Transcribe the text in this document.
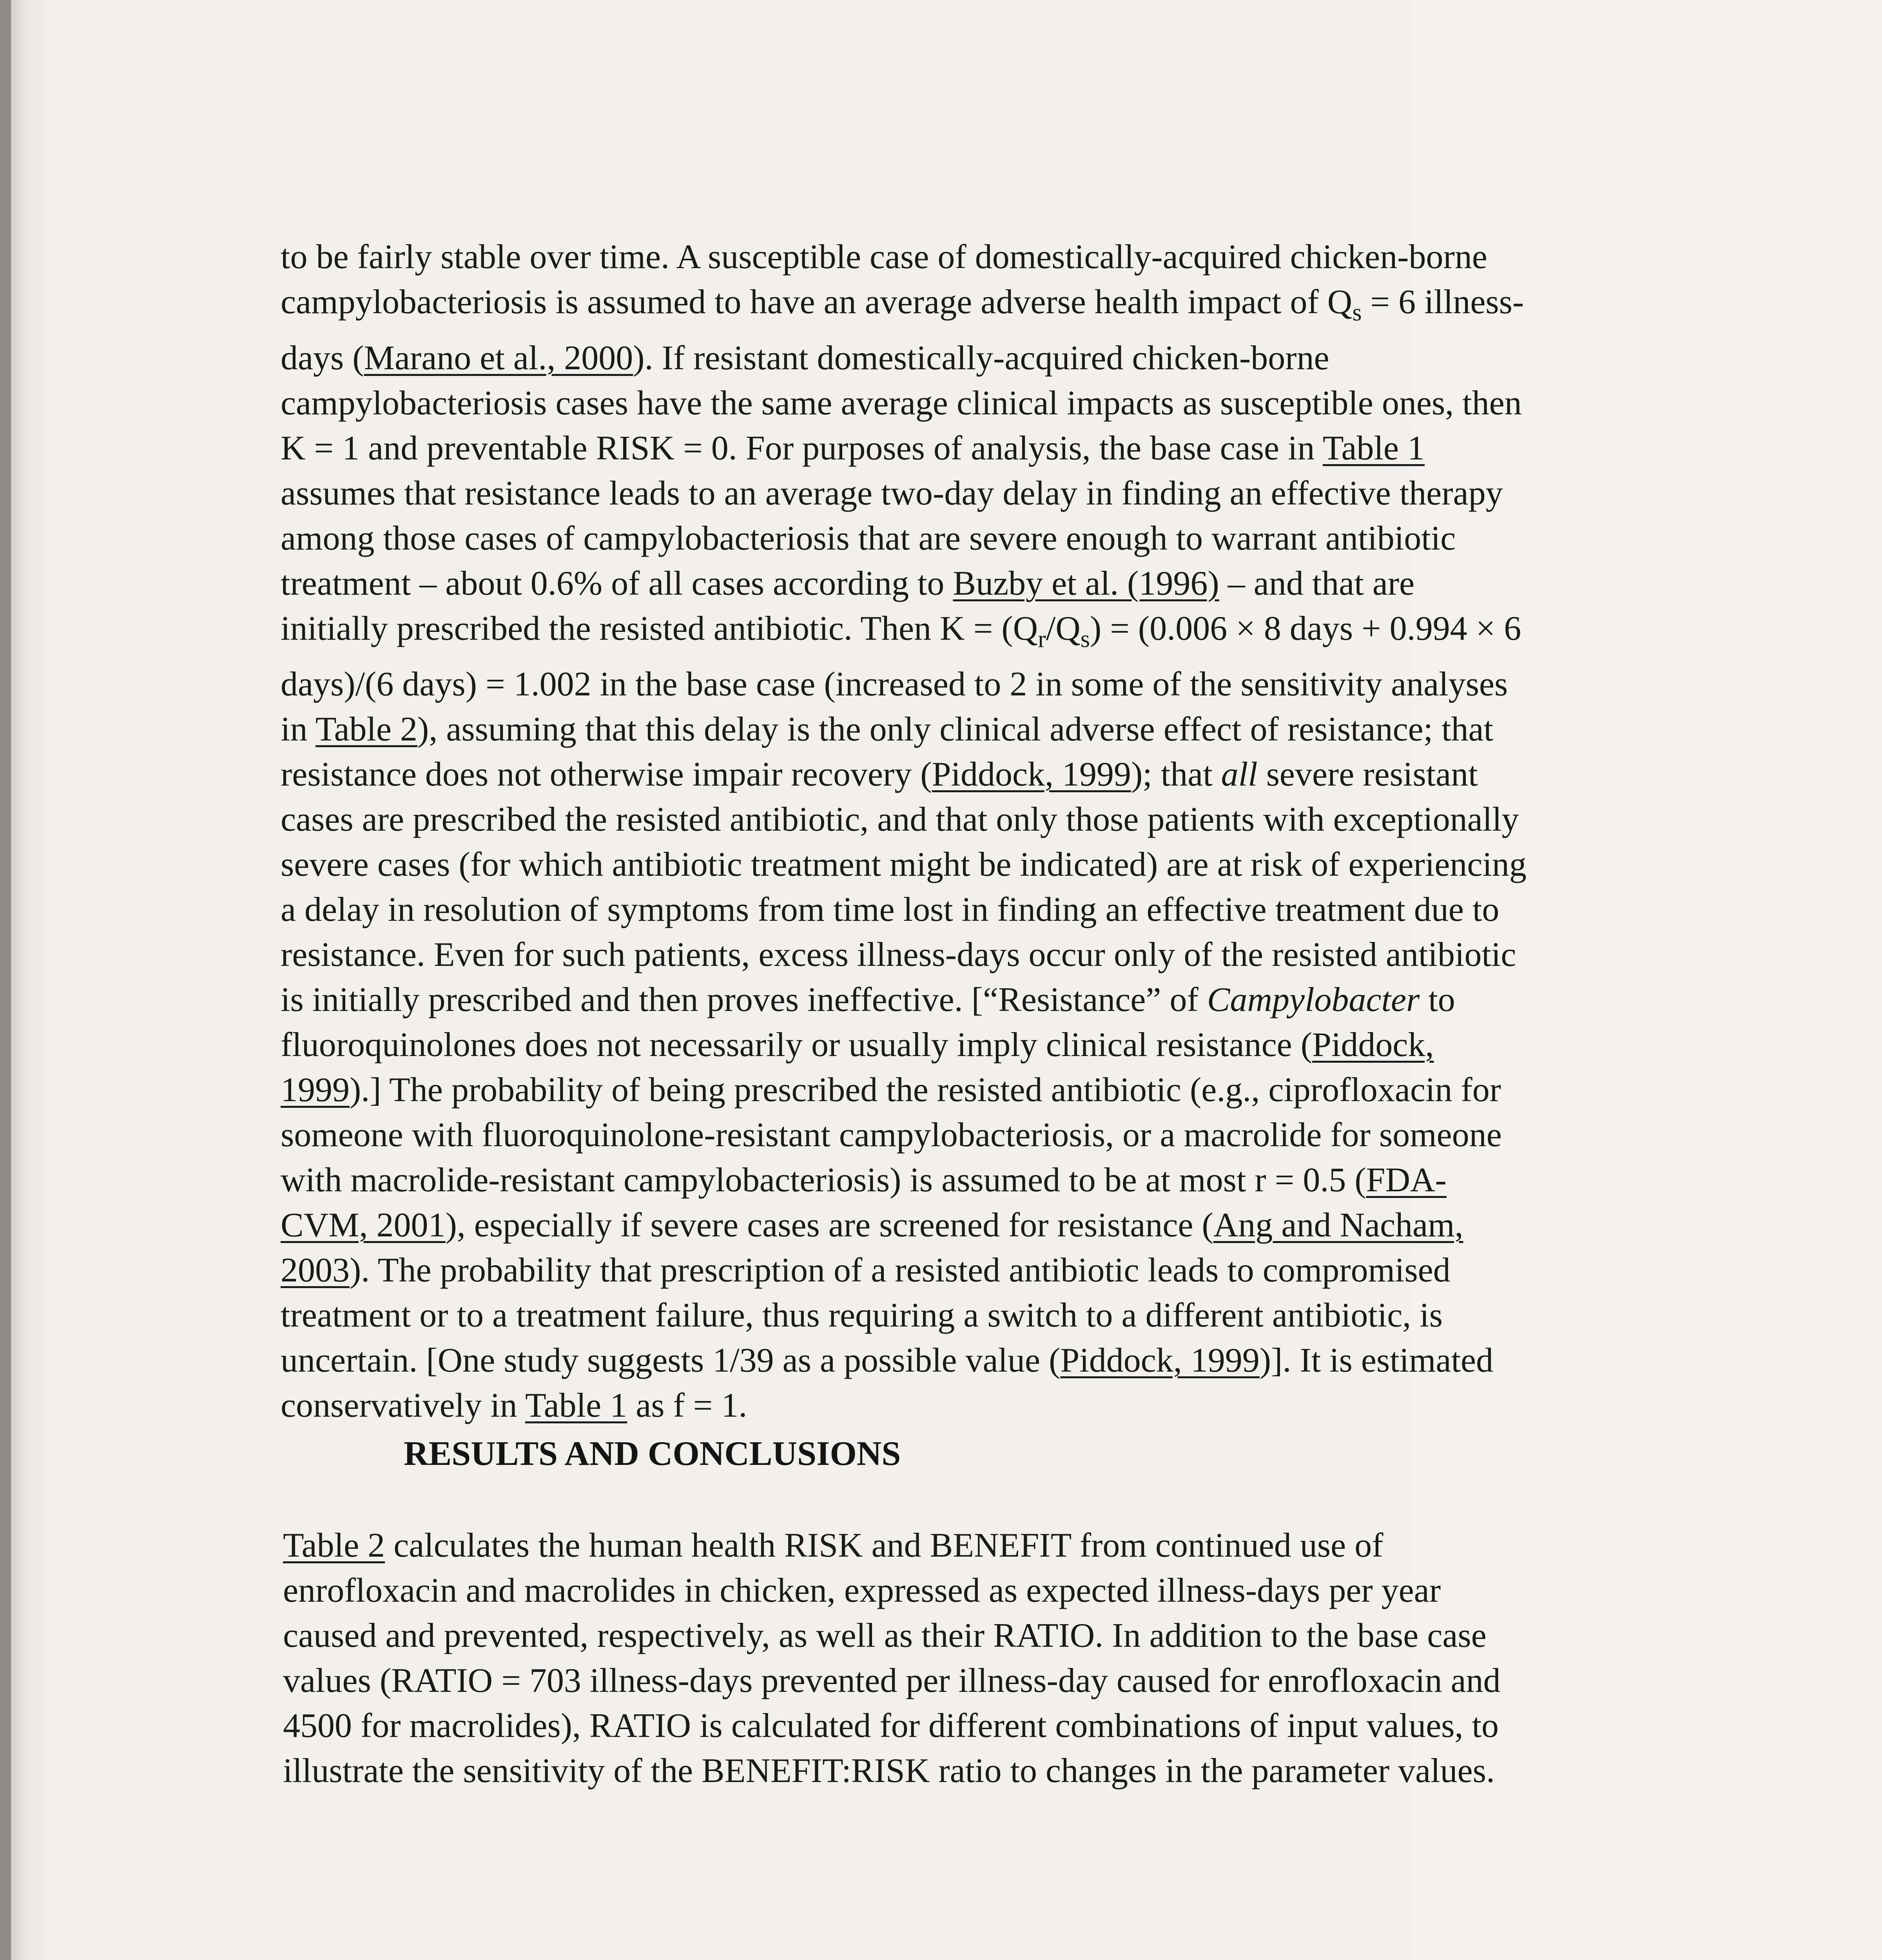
to be fairly stable over time. A susceptible case of domestically-acquired chicken-borne
campylobacteriosis is assumed to have an average adverse health impact of $Q_s = 6$ illness-
days (Marano et al., 2000). If resistant domestically-acquired chicken-borne
campylobacteriosis cases have the same average clinical impacts as susceptible ones, then
K = 1 and preventable RISK = 0. For purposes of analysis, the base case in Table 1
assumes that resistance leads to an average two-day delay in finding an effective therapy
among those cases of campylobacteriosis that are severe enough to warrant antibiotic
treatment – about 0.6% of all cases according to Buzby et al. (1996) – and that are
initially prescribed the resisted antibiotic. Then $K = (Q_r/Q_s) = (0.006 \times 8$ days + 0.994 × 6
days)/(6 days) = 1.002 in the base case (increased to 2 in some of the sensitivity analyses
in Table 2), assuming that this delay is the only clinical adverse effect of resistance; that
resistance does not otherwise impair recovery (Piddock, 1999); that all severe resistant
cases are prescribed the resisted antibiotic, and that only those patients with exceptionally
severe cases (for which antibiotic treatment might be indicated) are at risk of experiencing
a delay in resolution of symptoms from time lost in finding an effective treatment due to
resistance. Even for such patients, excess illness-days occur only of the resisted antibiotic
is initially prescribed and then proves ineffective. [“Resistance” of Campylobacter to
fluoroquinolones does not necessarily or usually imply clinical resistance (Piddock,
1999).] The probability of being prescribed the resisted antibiotic (e.g., ciprofloxacin for
someone with fluoroquinolone-resistant campylobacteriosis, or a macrolide for someone
with macrolide-resistant campylobacteriosis) is assumed to be at most r = 0.5 (FDA-
CVM, 2001), especially if severe cases are screened for resistance (Ang and Nacham,
2003). The probability that prescription of a resisted antibiotic leads to compromised
treatment or to a treatment failure, thus requiring a switch to a different antibiotic, is
uncertain. [One study suggests 1/39 as a possible value (Piddock, 1999)]. It is estimated
conservatively in Table 1 as f = 1.
RESULTS AND CONCLUSIONS
Table 2 calculates the human health RISK and BENEFIT from continued use of
enrofloxacin and macrolides in chicken, expressed as expected illness-days per year
caused and prevented, respectively, as well as their RATIO. In addition to the base case
values (RATIO = 703 illness-days prevented per illness-day caused for enrofloxacin and
4500 for macrolides), RATIO is calculated for different combinations of input values, to
illustrate the sensitivity of the BENEFIT:RISK ratio to changes in the parameter values.
